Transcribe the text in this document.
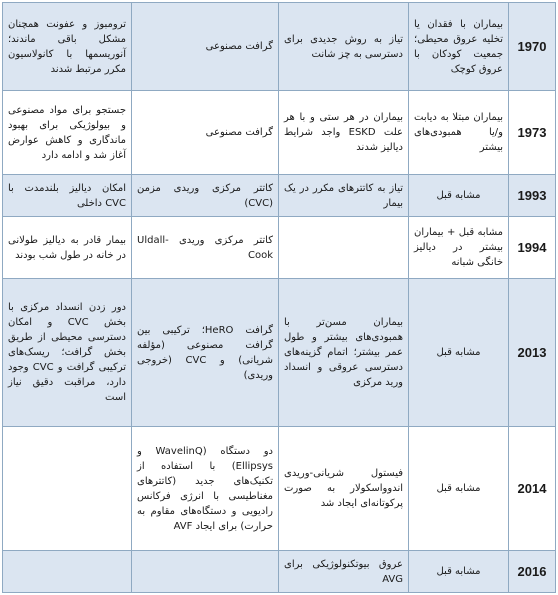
1970	بیماران با فقدان یا تخلیه عروق محیطی؛ جمعیت کودکان با عروق کوچک	تیاز به روش جدیدی برای دسترسی به چز شانت	گرافت مصنوعی	ترومبوز و عفونت همچنان مشکل باقی ماندند؛ آنوریسمها با کانولاسیون مکرر مرتبط شدند
1973	بیماران مبتلا به دیابت و/یا همبودی‌های بیشتر	بیماران در هر ستی و با هر علت ESKD واجد شرایط دیالیز شدند	گرافت مصنوعی	جستجو برای مواد مصنوعی و بیولوژیکی برای بهبود ماندگاری و کاهش عوارض آغاز شد و ادامه دارد
1993	مشابه قبل	تیاز به کاتترهای مکرر در یک بیمار	کاتتر مرکزی وریدی مزمن (CVC)	امکان دیالیز بلندمدت با CVC داخلی
1994	مشابه قبل + بیماران بیشتر در دیالیز خانگی شبانه		کاتتر مرکزی وریدی Uldall-Cook	بیمار قادر به دیالیز طولانی در خانه در طول شب بودند
2013	مشابه قبل	بیماران مسن‌تر با همبودی‌های بیشتر و طول عمر بیشتر؛ اتمام گزینه‌های دسترسی عروقی و انسداد ورید مرکزی	گرافت HeRO؛ ترکیبی بین گرافت مصنوعی (مؤلفه شریانی) و CVC (خروجی وریدی)	دور زدن انسداد مرکزی با بخش CVC و امکان دسترسی محیطی از طریق بخش گرافت؛ ریسک‌های ترکیبی گرافت و CVC وجود دارد، مراقبت دقیق نیاز است
2014	مشابه قبل	فیستول شریانی-وریدی اندوواسکولار به صورت پرکوتانه‌ای ایجاد شد	دو دستگاه (WavelinQ و Ellipsys) با استفاده از تکنیک‌های جدید (کاتترهای مغناطیسی با انرژی فرکانس رادیویی و دستگاه‌های مقاوم به حرارت) برای ایجاد AVF	
2016	مشابه قبل	عروق بیوتکنولوژیکی برای AVG		
